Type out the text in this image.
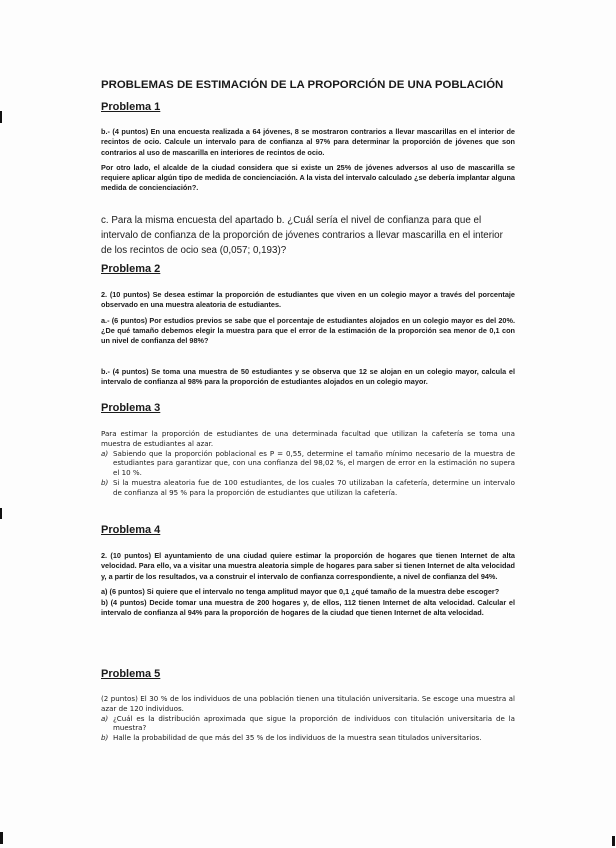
PROBLEMAS DE ESTIMACIÓN DE LA PROPORCIÓN DE UNA POBLACIÓN
Problema 1

b.- (4 puntos) En una encuesta realizada a 64 jóvenes, 8 se mostraron contrarios a llevar mascarillas en el interior de recintos de ocio. Calcule un intervalo para de confianza al 97% para determinar la proporción de jóvenes que son contrarios al uso de mascarilla en interiores de recintos de ocio.

Por otro lado, el alcalde de la ciudad considera que si existe un 25% de jóvenes adversos al uso de mascarilla se requiere aplicar algún tipo de medida de concienciación. A la vista del intervalo calculado ¿se debería implantar alguna medida de concienciación?.

c. Para la misma encuesta del apartado b. ¿Cuál sería el nivel de confianza para que el intervalo de confianza de la proporción de jóvenes contrarios a llevar mascarilla en el interior de los recintos de ocio sea (0,057; 0,193)?

Problema 2

2. (10 puntos) Se desea estimar la proporción de estudiantes que viven en un colegio mayor a través del porcentaje observado en una muestra aleatoria de estudiantes.

a.- (6 puntos) Por estudios previos se sabe que el porcentaje de estudiantes alojados en un colegio mayor es del 20%. ¿De qué tamaño debemos elegir la muestra para que el error de la estimación de la proporción sea menor de 0,1 con un nivel de confianza del 98%?

b.- (4 puntos) Se toma una muestra de 50 estudiantes y se observa que 12 se alojan en un colegio mayor, calcula el intervalo de confianza al 98% para la proporción de estudiantes alojados en un colegio mayor.

Problema 3

Para estimar la proporción de estudiantes de una determinada facultad que utilizan la cafetería se toma una muestra de estudiantes al azar.

a) Sabiendo que la proporción poblacional es P = 0,55, determine el tamaño mínimo necesario de la muestra de estudiantes para garantizar que, con una confianza del 98,02 %, el margen de error en la estimación no supera el 10 %.
b) Si la muestra aleatoria fue de 100 estudiantes, de los cuales 70 utilizaban la cafetería, determine un intervalo de confianza al 95 % para la proporción de estudiantes que utilizan la cafetería.
Problema 4

2. (10 puntos) El ayuntamiento de una ciudad quiere estimar la proporción de hogares que tienen Internet de alta velocidad. Para ello, va a visitar una muestra aleatoria simple de hogares para saber si tienen Internet de alta velocidad y, a partir de los resultados, va a construir el intervalo de confianza correspondiente, a nivel de confianza del 94%.

a) (6 puntos) Si quiere que el intervalo no tenga amplitud mayor que 0,1 ¿qué tamaño de la muestra debe escoger?

b) (4 puntos) Decide tomar una muestra de 200 hogares y, de ellos, 112 tienen Internet de alta velocidad. Calcular el intervalo de confianza al 94% para la proporción de hogares de la ciudad que tienen Internet de alta velocidad.

Problema 5

(2 puntos) El 30 % de los individuos de una población tienen una titulación universitaria. Se escoge una muestra al azar de 120 individuos.

a) ¿Cuál es la distribución aproximada que sigue la proporción de individuos con titulación universitaria de la muestra?
b) Halle la probabilidad de que más del 35 % de los individuos de la muestra sean titulados universitarios.
